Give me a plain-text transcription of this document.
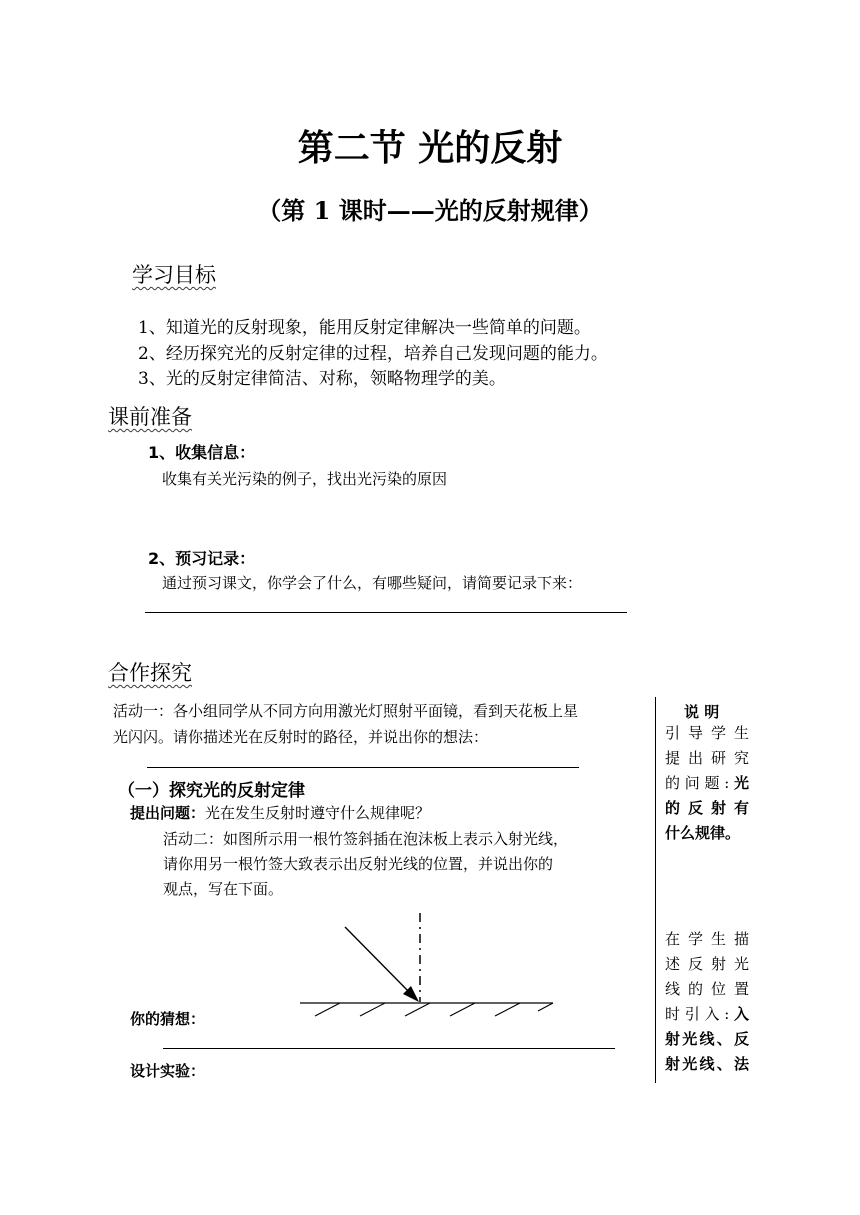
第二节 光的反射
（第 1 课时——光的反射规律）
学习目标
1、知道光的反射现象，能用反射定律解决一些简单的问题。
2、经历探究光的反射定律的过程，培养自己发现问题的能力。
3、光的反射定律简洁、对称，领略物理学的美。
课前准备
1、收集信息：
收集有关光污染的例子，找出光污染的原因
2、预习记录：
通过预习课文，你学会了什么，有哪些疑问，请简要记录下来：
合作探究
活动一：各小组同学从不同方向用激光灯照射平面镜，看到天花板上星
光闪闪。请你描述光在反射时的路径，并说出你的想法：
（一）探究光的反射定律
提出问题：光在发生反射时遵守什么规律呢？
活动二：如图所示用一根竹签斜插在泡沫板上表示入射光线，
请你用另一根竹签大致表示出反射光线的位置，并说出你的
观点，写在下面。
你的猜想：
设计实验：
说 明
引导学生
提出研究
的问题:光
的反射有
什么规律。
在学生描
述反射光
线的位置
时引入:入
射光线、反
射光线、法
